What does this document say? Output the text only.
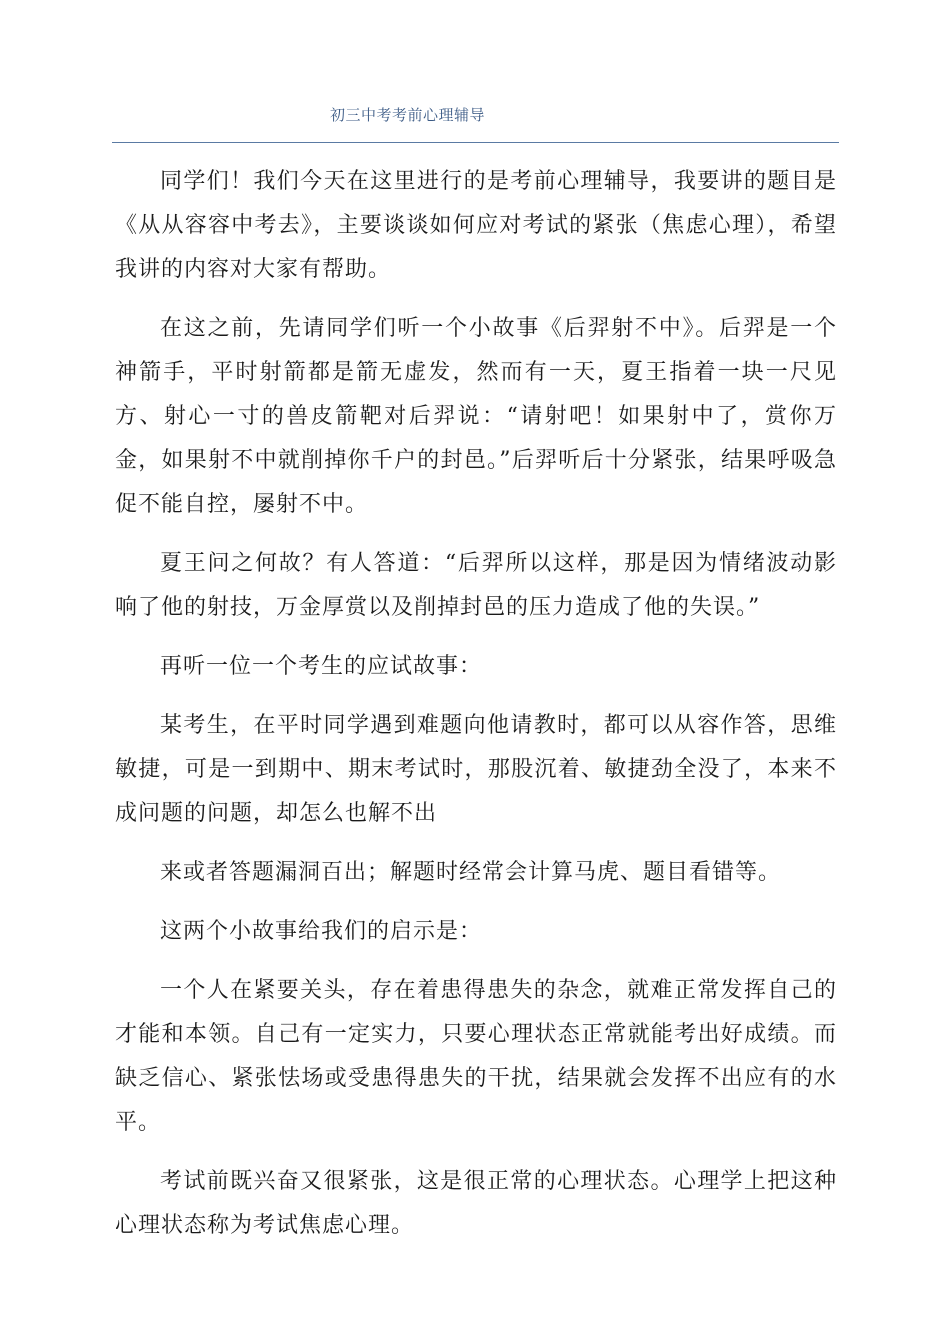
初三中考考前心理辅导

同学们！我们今天在这里进行的是考前心理辅导，我要讲的题目是《从从容容中考去》，主要谈谈如何应对考试的紧张（焦虑心理），希望我讲的内容对大家有帮助。

在这之前，先请同学们听一个小故事《后羿射不中》。后羿是一个神箭手，平时射箭都是箭无虚发，然而有一天，夏王指着一块一尺见方、射心一寸的兽皮箭靶对后羿说：“请射吧！如果射中了，赏你万金，如果射不中就削掉你千户的封邑。”后羿听后十分紧张，结果呼吸急促不能自控，屡射不中。

夏王问之何故？有人答道：“后羿所以这样，那是因为情绪波动影响了他的射技，万金厚赏以及削掉封邑的压力造成了他的失误。”

再听一位一个考生的应试故事：

某考生，在平时同学遇到难题向他请教时，都可以从容作答，思维敏捷，可是一到期中、期末考试时，那股沉着、敏捷劲全没了，本来不成问题的问题，却怎么也解不出

来或者答题漏洞百出；解题时经常会计算马虎、题目看错等。

这两个小故事给我们的启示是：

一个人在紧要关头，存在着患得患失的杂念，就难正常发挥自己的才能和本领。自己有一定实力，只要心理状态正常就能考出好成绩。而缺乏信心、紧张怯场或受患得患失的干扰，结果就会发挥不出应有的水平。

考试前既兴奋又很紧张，这是很正常的心理状态。心理学上把这种心理状态称为考试焦虑心理。
